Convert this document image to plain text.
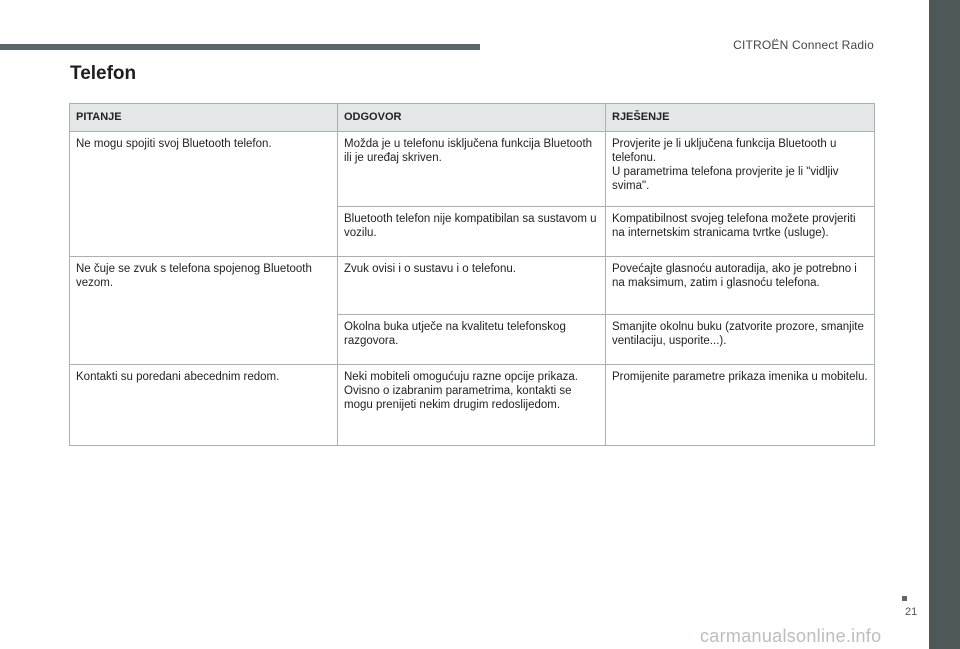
CITROËN Connect Radio
Telefon
PITANJE	ODGOVOR	RJEŠENJE
Ne mogu spojiti svoj Bluetooth telefon.	Možda je u telefonu isključena funkcija Bluetooth ili je uređaj skriven.	Provjerite je li uključena funkcija Bluetooth u telefonu.
U parametrima telefona provjerite je li "vidljiv svima".

	Bluetooth telefon nije kompatibilan sa sustavom u vozilu.	Kompatibilnost svojeg telefona možete provjeriti na internetskim stranicama tvrtke (usluge).

Ne čuje se zvuk s telefona spojenog Bluetooth vezom.	Zvuk ovisi i o sustavu i o telefonu.	Povećajte glasnoću autoradija, ako je potrebno i na maksimum, zatim i glasnoću telefona.

	Okolna buka utječe na kvalitetu telefonskog razgovora.	Smanjite okolnu buku (zatvorite prozore, smanjite ventilaciju, usporite...).

Kontakti su poredani abecednim redom.	Neki mobiteli omogućuju razne opcije prikaza. Ovisno o izabranim parametrima, kontakti se mogu prenijeti nekim drugim redoslijedom.	Promijenite parametre prikaza imenika u mobitelu.
21
carmanualsonline.info
